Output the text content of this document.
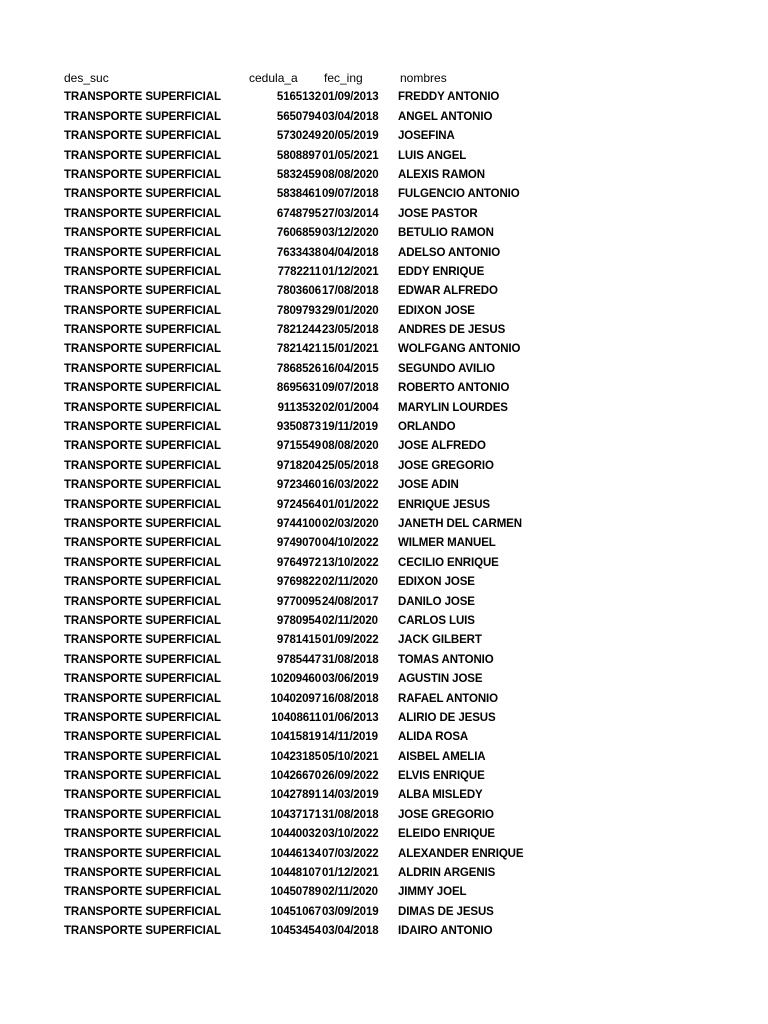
des_suc	cedula_a	fec_ing	nombres
TRANSPORTE SUPERFICIAL	5165132 01/09/2013	FREDDY ANTONIO
TRANSPORTE SUPERFICIAL	5650794 03/04/2018	ANGEL ANTONIO
TRANSPORTE SUPERFICIAL	5730249 20/05/2019	JOSEFINA
TRANSPORTE SUPERFICIAL	5808897 01/05/2021	LUIS ANGEL
TRANSPORTE SUPERFICIAL	5832459 08/08/2020	ALEXIS RAMON
TRANSPORTE SUPERFICIAL	5838461 09/07/2018	FULGENCIO ANTONIO
TRANSPORTE SUPERFICIAL	6748795 27/03/2014	JOSE PASTOR
TRANSPORTE SUPERFICIAL	7606859 03/12/2020	BETULIO RAMON
TRANSPORTE SUPERFICIAL	7633438 04/04/2018	ADELSO ANTONIO
TRANSPORTE SUPERFICIAL	7782211 01/12/2021	EDDY ENRIQUE
TRANSPORTE SUPERFICIAL	7803606 17/08/2018	EDWAR ALFREDO
TRANSPORTE SUPERFICIAL	7809793 29/01/2020	EDIXON JOSE
TRANSPORTE SUPERFICIAL	7821244 23/05/2018	ANDRES DE JESUS
TRANSPORTE SUPERFICIAL	7821421 15/01/2021	WOLFGANG ANTONIO
TRANSPORTE SUPERFICIAL	7868526 16/04/2015	SEGUNDO AVILIO
TRANSPORTE SUPERFICIAL	8695631 09/07/2018	ROBERTO ANTONIO
TRANSPORTE SUPERFICIAL	9113532 02/01/2004	MARYLIN LOURDES
TRANSPORTE SUPERFICIAL	9350873 19/11/2019	ORLANDO
TRANSPORTE SUPERFICIAL	9715549 08/08/2020	JOSE ALFREDO
TRANSPORTE SUPERFICIAL	9718204 25/05/2018	JOSE GREGORIO
TRANSPORTE SUPERFICIAL	9723460 16/03/2022	JOSE ADIN
TRANSPORTE SUPERFICIAL	9724564 01/01/2022	ENRIQUE JESUS
TRANSPORTE SUPERFICIAL	9744100 02/03/2020	JANETH DEL CARMEN
TRANSPORTE SUPERFICIAL	9749070 04/10/2022	WILMER MANUEL
TRANSPORTE SUPERFICIAL	9764972 13/10/2022	CECILIO ENRIQUE
TRANSPORTE SUPERFICIAL	9769822 02/11/2020	EDIXON JOSE
TRANSPORTE SUPERFICIAL	9770095 24/08/2017	DANILO JOSE
TRANSPORTE SUPERFICIAL	9780954 02/11/2020	CARLOS LUIS
TRANSPORTE SUPERFICIAL	9781415 01/09/2022	JACK GILBERT
TRANSPORTE SUPERFICIAL	9785447 31/08/2018	TOMAS ANTONIO
TRANSPORTE SUPERFICIAL	10209460 03/06/2019	AGUSTIN JOSE
TRANSPORTE SUPERFICIAL	10402097 16/08/2018	RAFAEL ANTONIO
TRANSPORTE SUPERFICIAL	10408611 01/06/2013	ALIRIO DE JESUS
TRANSPORTE SUPERFICIAL	10415819 14/11/2019	ALIDA ROSA
TRANSPORTE SUPERFICIAL	10423185 05/10/2021	AISBEL AMELIA
TRANSPORTE SUPERFICIAL	10426670 26/09/2022	ELVIS ENRIQUE
TRANSPORTE SUPERFICIAL	10427891 14/03/2019	ALBA MISLEDY
TRANSPORTE SUPERFICIAL	10437171 31/08/2018	JOSE GREGORIO
TRANSPORTE SUPERFICIAL	10440032 03/10/2022	ELEIDO ENRIQUE
TRANSPORTE SUPERFICIAL	10446134 07/03/2022	ALEXANDER ENRIQUE
TRANSPORTE SUPERFICIAL	10448107 01/12/2021	ALDRIN ARGENIS
TRANSPORTE SUPERFICIAL	10450789 02/11/2020	JIMMY JOEL
TRANSPORTE SUPERFICIAL	10451067 03/09/2019	DIMAS DE JESUS
TRANSPORTE SUPERFICIAL	10453454 03/04/2018	IDAIRO ANTONIO
